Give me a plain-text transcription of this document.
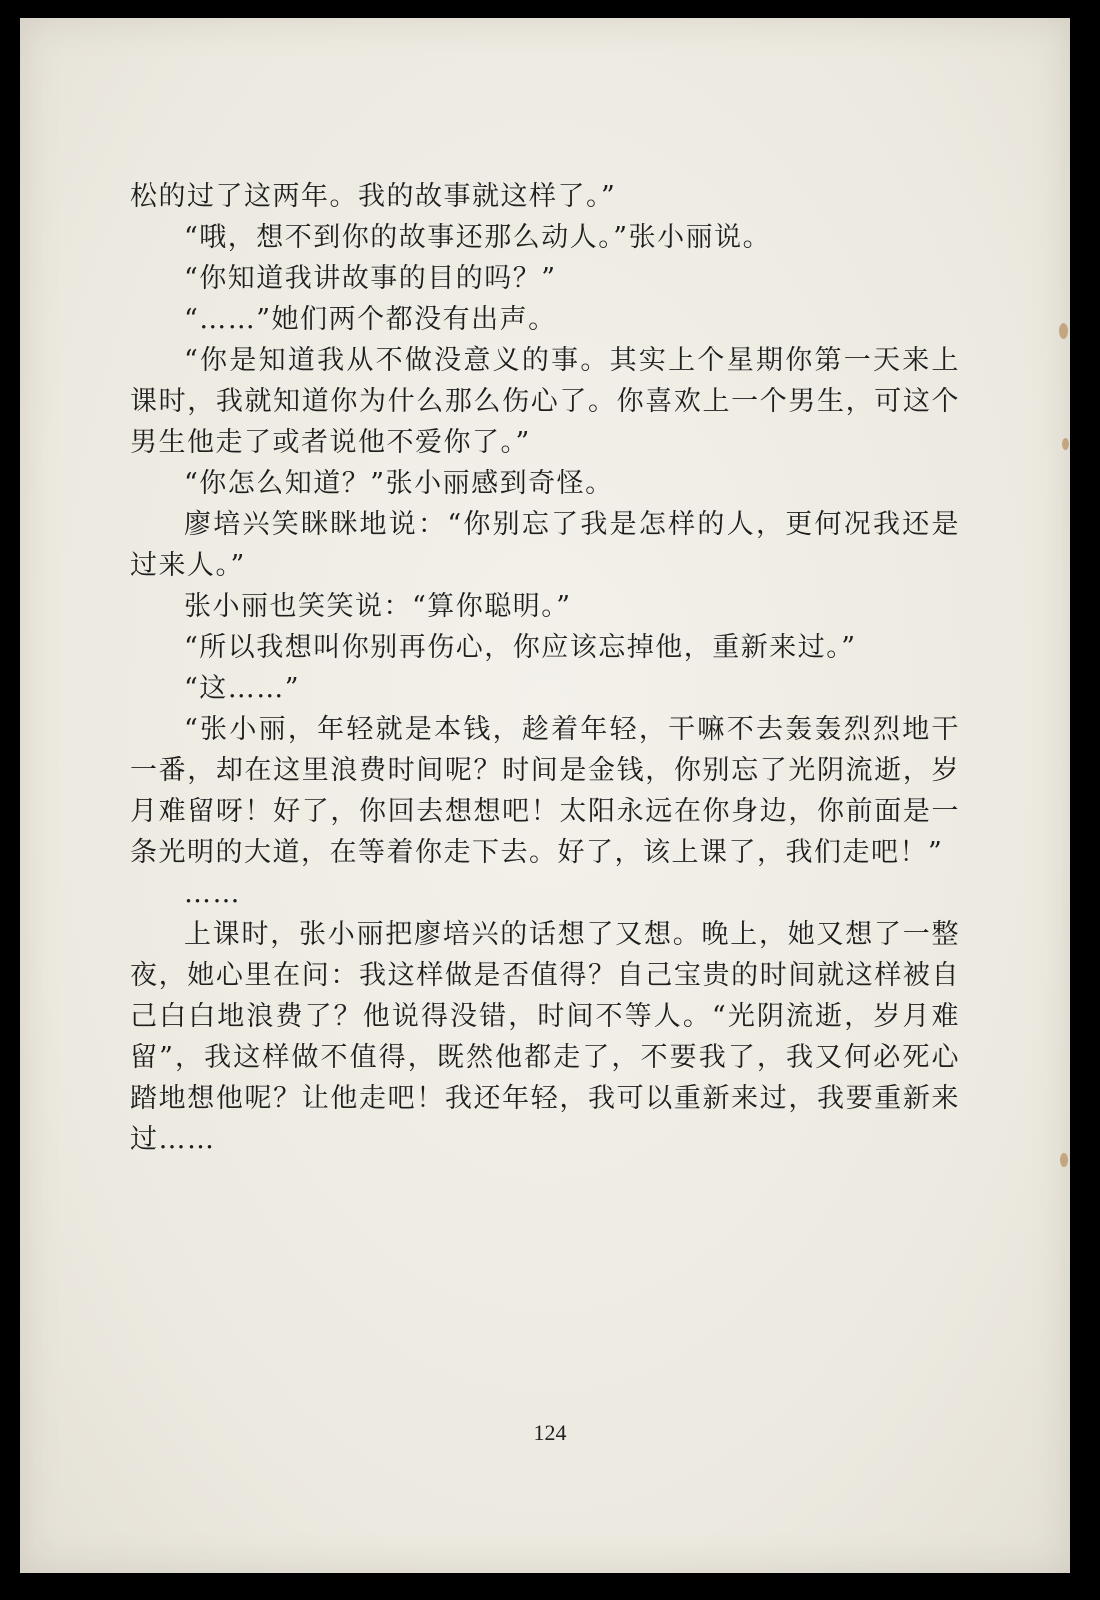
松的过了这两年。我的故事就这样了。”

“哦，想不到你的故事还那么动人。”张小丽说。

“你知道我讲故事的目的吗？”

“……”她们两个都没有出声。

“你是知道我从不做没意义的事。其实上个星期你第一天来上课时，我就知道你为什么那么伤心了。你喜欢上一个男生，可这个男生他走了或者说他不爱你了。”

“你怎么知道？”张小丽感到奇怪。

廖培兴笑眯眯地说：“你别忘了我是怎样的人，更何况我还是过来人。”

张小丽也笑笑说：“算你聪明。”

“所以我想叫你别再伤心，你应该忘掉他，重新来过。”

“这……”

“张小丽，年轻就是本钱，趁着年轻，干嘛不去轰轰烈烈地干一番，却在这里浪费时间呢？时间是金钱，你别忘了光阴流逝，岁月难留呀！好了，你回去想想吧！太阳永远在你身边，你前面是一条光明的大道，在等着你走下去。好了，该上课了，我们走吧！”

……

上课时，张小丽把廖培兴的话想了又想。晚上，她又想了一整夜，她心里在问：我这样做是否值得？自己宝贵的时间就这样被自己白白地浪费了？他说得没错，时间不等人。“光阴流逝，岁月难留”，我这样做不值得，既然他都走了，不要我了，我又何必死心踏地想他呢？让他走吧！我还年轻，我可以重新来过，我要重新来过……

124
